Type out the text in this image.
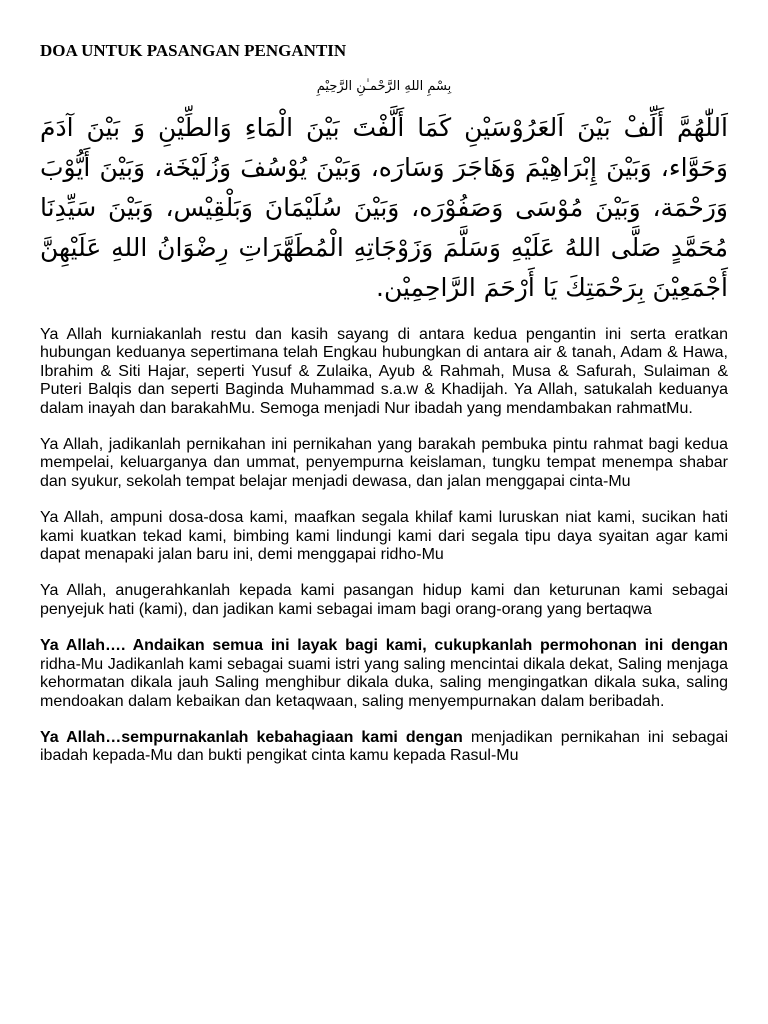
DOA UNTUK PASANGAN PENGANTIN
بِسْمِ اللهِ الرَّحْمـٰنِ الرَّحِيْمِ
اَللّٰهُمَّ أَلِّفْ بَيْنَ اَلعَرُوْسَيْنِ كَمَا أَلَّفْتَ بَيْنَ الْمَاءِ وَالطِّيْنِ وَ بَيْنَ آدَمَ وَحَوَّاء، وَبَيْنَ إِبْرَاهِيْمَ وَهَاجَرَ وَسَارَه، وَبَيْنَ يُوْسُفَ وَزُلَيْخَة، وَبَيْنَ أَيُّوْبَ وَرَحْمَة، وَبَيْنَ مُوْسَى وَصَفُوْرَه، وَبَيْنَ سُلَيْمَانَ وَبَلْقِيْس، وَبَيْنَ سَيِّدِنَا مُحَمَّدٍ صَلَّى اللهُ عَلَيْهِ وَسَلَّمَ وَزَوْجَاتِهِ الْمُطَهَّرَاتِ رِضْوَانُ اللهِ عَلَيْهِنَّ أَجْمَعِيْنَ بِرَحْمَتِكَ يَا أَرْحَمَ الرَّاحِمِيْن.

Ya Allah kurniakanlah restu dan kasih sayang di antara kedua pengantin ini serta eratkan hubungan keduanya sepertimana telah Engkau hubungkan di antara air & tanah, Adam & Hawa, Ibrahim & Siti Hajar, seperti Yusuf & Zulaika, Ayub & Rahmah, Musa & Safurah, Sulaiman & Puteri Balqis dan seperti Baginda Muhammad s.a.w & Khadijah. Ya Allah, satukalah keduanya dalam inayah dan barakahMu. Semoga menjadi Nur ibadah yang mendambakan rahmatMu.

Ya Allah, jadikanlah pernikahan ini pernikahan yang barakah pembuka pintu rahmat bagi kedua mempelai, keluarganya dan ummat, penyempurna keislaman, tungku tempat menempa shabar dan syukur, sekolah tempat belajar menjadi dewasa, dan jalan menggapai cinta-Mu

Ya Allah, ampuni dosa-dosa kami, maafkan segala khilaf kami luruskan niat kami, sucikan hati kami kuatkan tekad kami, bimbing kami lindungi kami dari segala tipu daya syaitan agar kami dapat menapaki jalan baru ini, demi menggapai ridho-Mu

Ya Allah, anugerahkanlah kepada kami pasangan hidup kami dan keturunan kami sebagai penyejuk hati (kami), dan jadikan kami sebagai imam bagi orang-orang yang bertaqwa

Ya Allah…. Andaikan semua ini layak bagi kami, cukupkanlah permohonan ini dengan ridha-Mu Jadikanlah kami sebagai suami istri yang saling mencintai dikala dekat, Saling menjaga kehormatan dikala jauh Saling menghibur dikala duka, saling mengingatkan dikala suka, saling mendoakan dalam kebaikan dan ketaqwaan, saling menyempurnakan dalam beribadah.

Ya Allah…sempurnakanlah kebahagiaan kami dengan menjadikan pernikahan ini sebagai ibadah kepada-Mu dan bukti pengikat cinta kamu kepada Rasul-Mu
